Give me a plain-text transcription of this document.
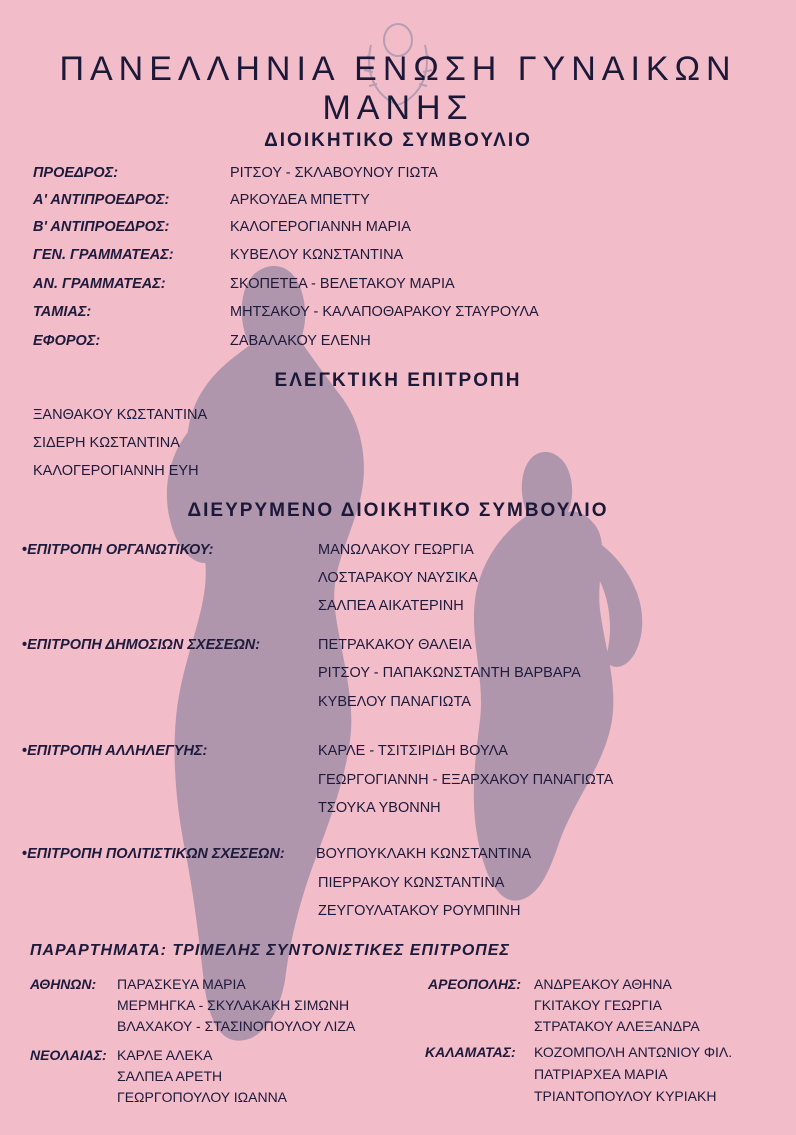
ΠΑΝΕΛΛΗΝΙΑ ΕΝΩΣΗ ΓΥΝΑΙΚΩΝ ΜΑΝΗΣ
ΔΙΟΙΚΗΤΙΚΟ ΣΥΜΒΟΥΛΙΟ
ΠΡΟΕΔΡΟΣ:	ΡΙΤΣΟΥ - ΣΚΛΑΒΟΥΝΟΥ ΓΙΩΤΑ
Α' ΑΝΤΙΠΡΟΕΔΡΟΣ:	ΑΡΚΟΥΔΕΑ ΜΠΕΤΤΥ
Β' ΑΝΤΙΠΡΟΕΔΡΟΣ:	ΚΑΛΟΓΕΡΟΓΙΑΝΝΗ ΜΑΡΙΑ
ΓΕΝ. ΓΡΑΜΜΑΤΕΑΣ:	ΚΥΒΕΛΟΥ ΚΩΝΣΤΑΝΤΙΝΑ
ΑΝ. ΓΡΑΜΜΑΤΕΑΣ:	ΣΚΟΠΕΤΕΑ - ΒΕΛΕΤΑΚΟΥ ΜΑΡΙΑ
ΤΑΜΙΑΣ:	ΜΗΤΣΑΚΟΥ - ΚΑΛΑΠΟΘΑΡΑΚΟΥ ΣΤΑΥΡΟΥΛΑ
ΕΦΟΡΟΣ:	ΖΑΒΑΛΑΚΟΥ ΕΛΕΝΗ
ΕΛΕΓΚΤΙΚΗ ΕΠΙΤΡΟΠΗ
ΞΑΝΘΑΚΟΥ ΚΩΣΤΑΝΤΙΝΑ
ΣΙΔΕΡΗ ΚΩΣΤΑΝΤΙΝΑ
ΚΑΛΟΓΕΡΟΓΙΑΝΝΗ ΕΥΗ
ΔΙΕΥΡΥΜΕΝΟ ΔΙΟΙΚΗΤΙΚΟ ΣΥΜΒΟΥΛΙΟ
•ΕΠΙΤΡΟΠΗ ΟΡΓΑΝΩΤΙΚΟΥ:	ΜΑΝΩΛΑΚΟΥ ΓΕΩΡΓΙΑ
ΛΟΣΤΑΡΑΚΟΥ ΝΑΥΣΙΚΑ
ΣΑΛΠΕΑ ΑΙΚΑΤΕΡΙΝΗ
•ΕΠΙΤΡΟΠΗ ΔΗΜΟΣΙΩΝ ΣΧΕΣΕΩΝ:	ΠΕΤΡΑΚΑΚΟΥ ΘΑΛΕΙΑ
ΡΙΤΣΟΥ - ΠΑΠΑΚΩΝΣΤΑΝΤΗ ΒΑΡΒΑΡΑ
ΚΥΒΕΛΟΥ ΠΑΝΑΓΙΩΤΑ
•ΕΠΙΤΡΟΠΗ ΑΛΛΗΛΕΓΥΗΣ:	ΚΑΡΛΕ - ΤΣΙΤΣΙΡΙΔΗ ΒΟΥΛΑ
ΓΕΩΡΓΟΓΙΑΝΝΗ - ΕΞΑΡΧΑΚΟΥ ΠΑΝΑΓΙΩΤΑ
ΤΣΟΥΚΑ ΥΒΟΝΝΗ
•ΕΠΙΤΡΟΠΗ ΠΟΛΙΤΙΣΤΙΚΩΝ ΣΧΕΣΕΩΝ: ΒΟΥΠΟΥΚΛΑΚΗ ΚΩΝΣΤΑΝΤΙΝΑ
ΠΙΕΡΡΑΚΟΥ ΚΩΝΣΤΑΝΤΙΝΑ
ΖΕΥΓΟΥΛΑΤΑΚΟΥ ΡΟΥΜΠΙΝΗ
ΠΑΡΑΡΤΗΜΑΤΑ: ΤΡΙΜΕΛΗΣ ΣΥΝΤΟΝΙΣΤΙΚΕΣ ΕΠΙΤΡΟΠΕΣ
ΑΘΗΝΩΝ: ΠΑΡΑΣΚΕΥΑ ΜΑΡΙΑ
ΜΕΡΜΗΓΚΑ - ΣΚΥΛΑΚΑΚΗ ΣΙΜΩΝΗ
ΒΛΑΧΑΚΟΥ - ΣΤΑΣΙΝΟΠΟΥΛΟΥ ΛΙΖΑ
ΝΕΟΛΑΙΑΣ: ΚΑΡΛΕ ΑΛΕΚΑ
ΣΑΛΠΕΑ ΑΡΕΤΗ
ΓΕΩΡΓΟΠΟΥΛΟΥ ΙΩΑΝΝΑ
ΑΡΕΟΠΟΛΗΣ: ΑΝΔΡΕΑΚΟΥ ΑΘΗΝΑ
ΓΚΙΤΑΚΟΥ ΓΕΩΡΓΙΑ
ΣΤΡΑΤΑΚΟΥ ΑΛΕΞΑΝΔΡΑ
ΚΑΛΑΜΑΤΑΣ: ΚΟΖΟΜΠΟΛΗ ΑΝΤΩΝΙΟΥ ΦΙΛ.
ΠΑΤΡΙΑΡΧΕΑ ΜΑΡΙΑ
ΤΡΙΑΝΤΟΠΟΥΛΟΥ ΚΥΡΙΑΚΗ
